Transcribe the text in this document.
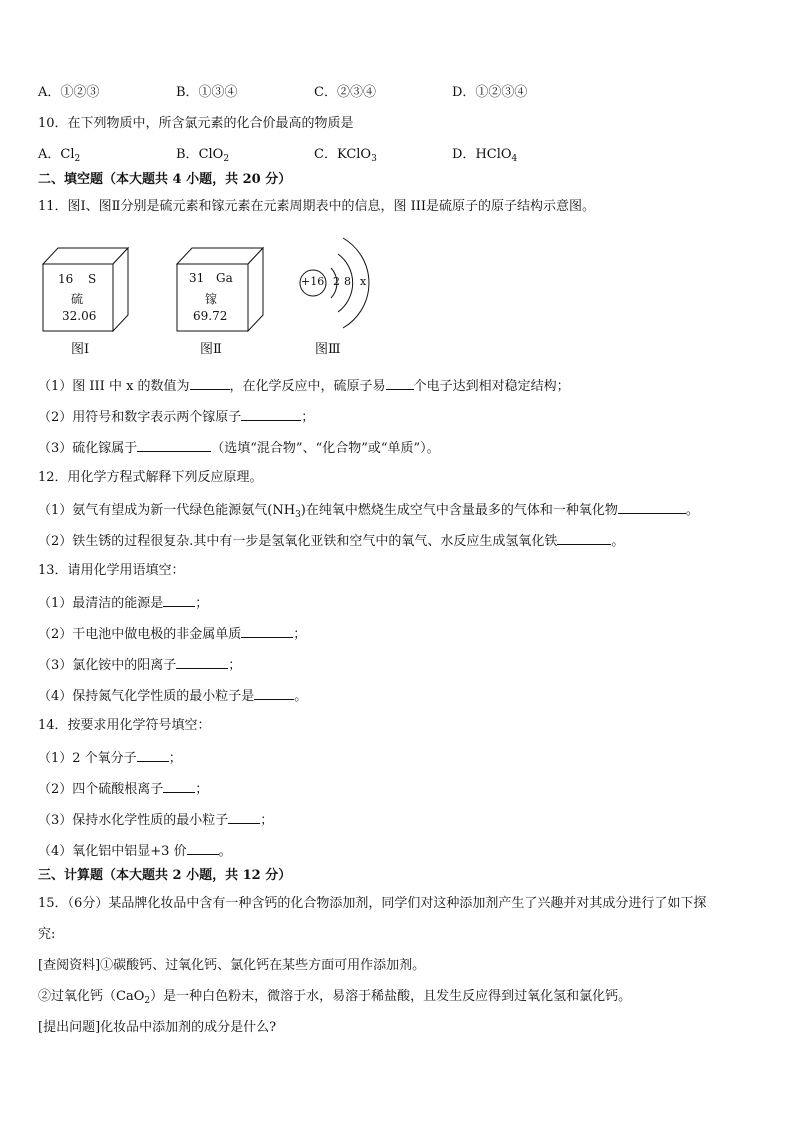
A．①②③	B．①③④	C．②③④	D．①②③④
10．在下列物质中，所含氯元素的化合价最高的物质是
A．$Cl_2$	B．ClO$_2$	C．KClO$_3$	D．HClO$_4$
二、填空题（本大题共 4 小题，共 20 分）
11．图Ⅰ、图Ⅱ分别是硫元素和镓元素在元素周期表中的信息，图 III是硫原子的原子结构示意图。
16 S
硫
32.06
图Ⅰ
31 Ga
镓
69.72
图Ⅱ
+16 2 8 x
图Ⅲ
（1）图 III 中 x 的数值为	，在化学反应中，硫原子易 个电子达到相对稳定结构；
（2）用符号和数字表示两个镓原子	；
（3）硫化镓属于	（选填“混合物”、“化合物”或“单质”）。
12．用化学方程式解释下列反应原理。
（1）氨气有望成为新一代绿色能源氨气$(NH_3)$在纯氧中燃烧生成空气中含量最多的气体和一种氧化物	。
（2）铁生锈的过程很复杂.其中有一步是氢氧化亚铁和空气中的氧气、水反应生成氢氧化铁	。
13．请用化学用语填空：
（1）最清洁的能源是 ；
（2）干电池中做电极的非金属单质	；
（3）氯化铵中的阳离子	；
（4）保持氮气化学性质的最小粒子是	。
14．按要求用化学符号填空：
（1）2 个氧分子 ；
（2）四个硫酸根离子 ；
（3）保持水化学性质的最小粒子 ；
（4）氧化铝中铝显+3 价 。
三、计算题（本大题共 2 小题，共 12 分）
15．（6分）某品牌化妆品中含有一种含钙的化合物添加剂，同学们对这种添加剂产生了兴趣并对其成分进行了如下探
究:
[查阅资料]①碳酸钙、过氧化钙、氯化钙在某些方面可用作添加剂。
②过氧化钙（CaO$_2$）是一种白色粉末，微溶于水，易溶于稀盐酸，且发生反应得到过氧化氢和氯化钙。
[提出问题]化妆品中添加剂的成分是什么?
